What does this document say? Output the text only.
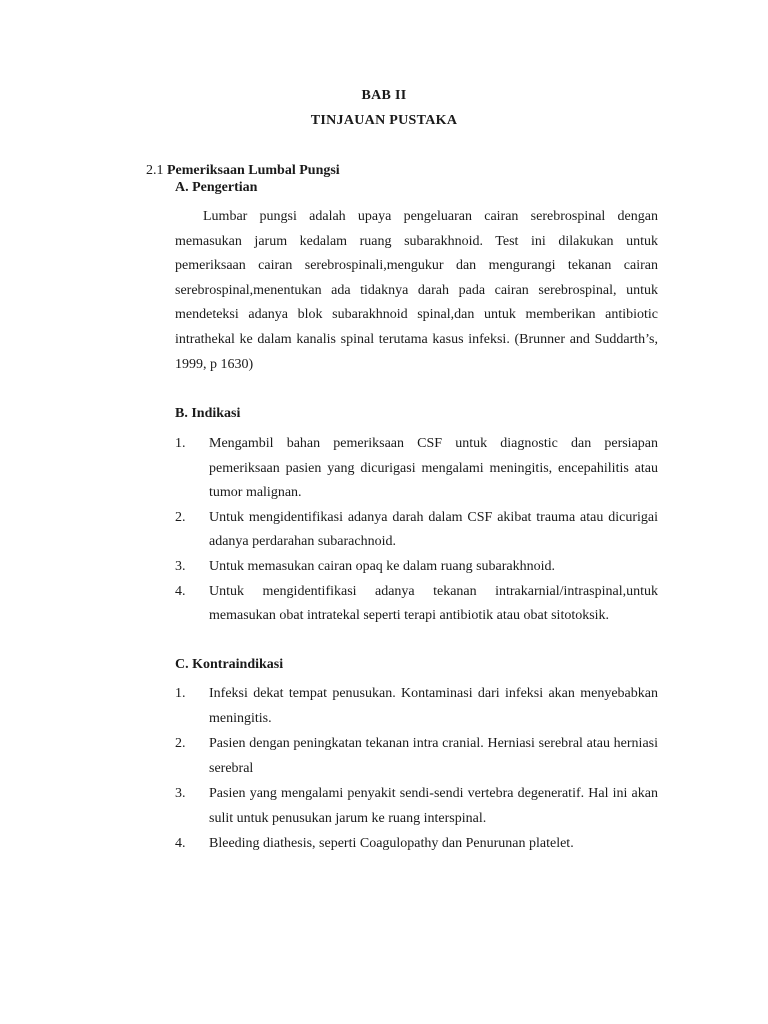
BAB II
TINJAUAN PUSTAKA
2.1 Pemeriksaan Lumbal Pungsi
A. Pengertian

Lumbar pungsi adalah upaya pengeluaran cairan serebrospinal dengan memasukan jarum kedalam ruang subarakhnoid. Test ini dilakukan untuk pemeriksaan cairan serebrospinali,mengukur dan mengurangi tekanan cairan serebrospinal,menentukan ada tidaknya darah pada cairan serebrospinal, untuk mendeteksi adanya blok subarakhnoid spinal,dan untuk memberikan antibiotic intrathekal ke dalam kanalis spinal terutama kasus infeksi. (Brunner and Suddarth’s, 1999, p 1630)

B. Indikasi
1. Mengambil bahan pemeriksaan CSF untuk diagnostic dan persiapan pemeriksaan pasien yang dicurigasi mengalami meningitis, encepahilitis atau tumor malignan.
2. Untuk mengidentifikasi adanya darah dalam CSF akibat trauma atau dicurigai adanya perdarahan subarachnoid.
3. Untuk memasukan cairan opaq ke dalam ruang subarakhnoid.
4. Untuk mengidentifikasi adanya tekanan intrakarnial/intraspinal,untuk memasukan obat intratekal seperti terapi antibiotik atau obat sitotoksik.
C. Kontraindikasi
1. Infeksi dekat tempat penusukan. Kontaminasi dari infeksi akan menyebabkan meningitis.
2. Pasien dengan peningkatan tekanan intra cranial. Herniasi serebral atau herniasi serebral
3. Pasien yang mengalami penyakit sendi-sendi vertebra degeneratif. Hal ini akan sulit untuk penusukan jarum ke ruang interspinal.
4. Bleeding diathesis, seperti Coagulopathy dan Penurunan platelet.
